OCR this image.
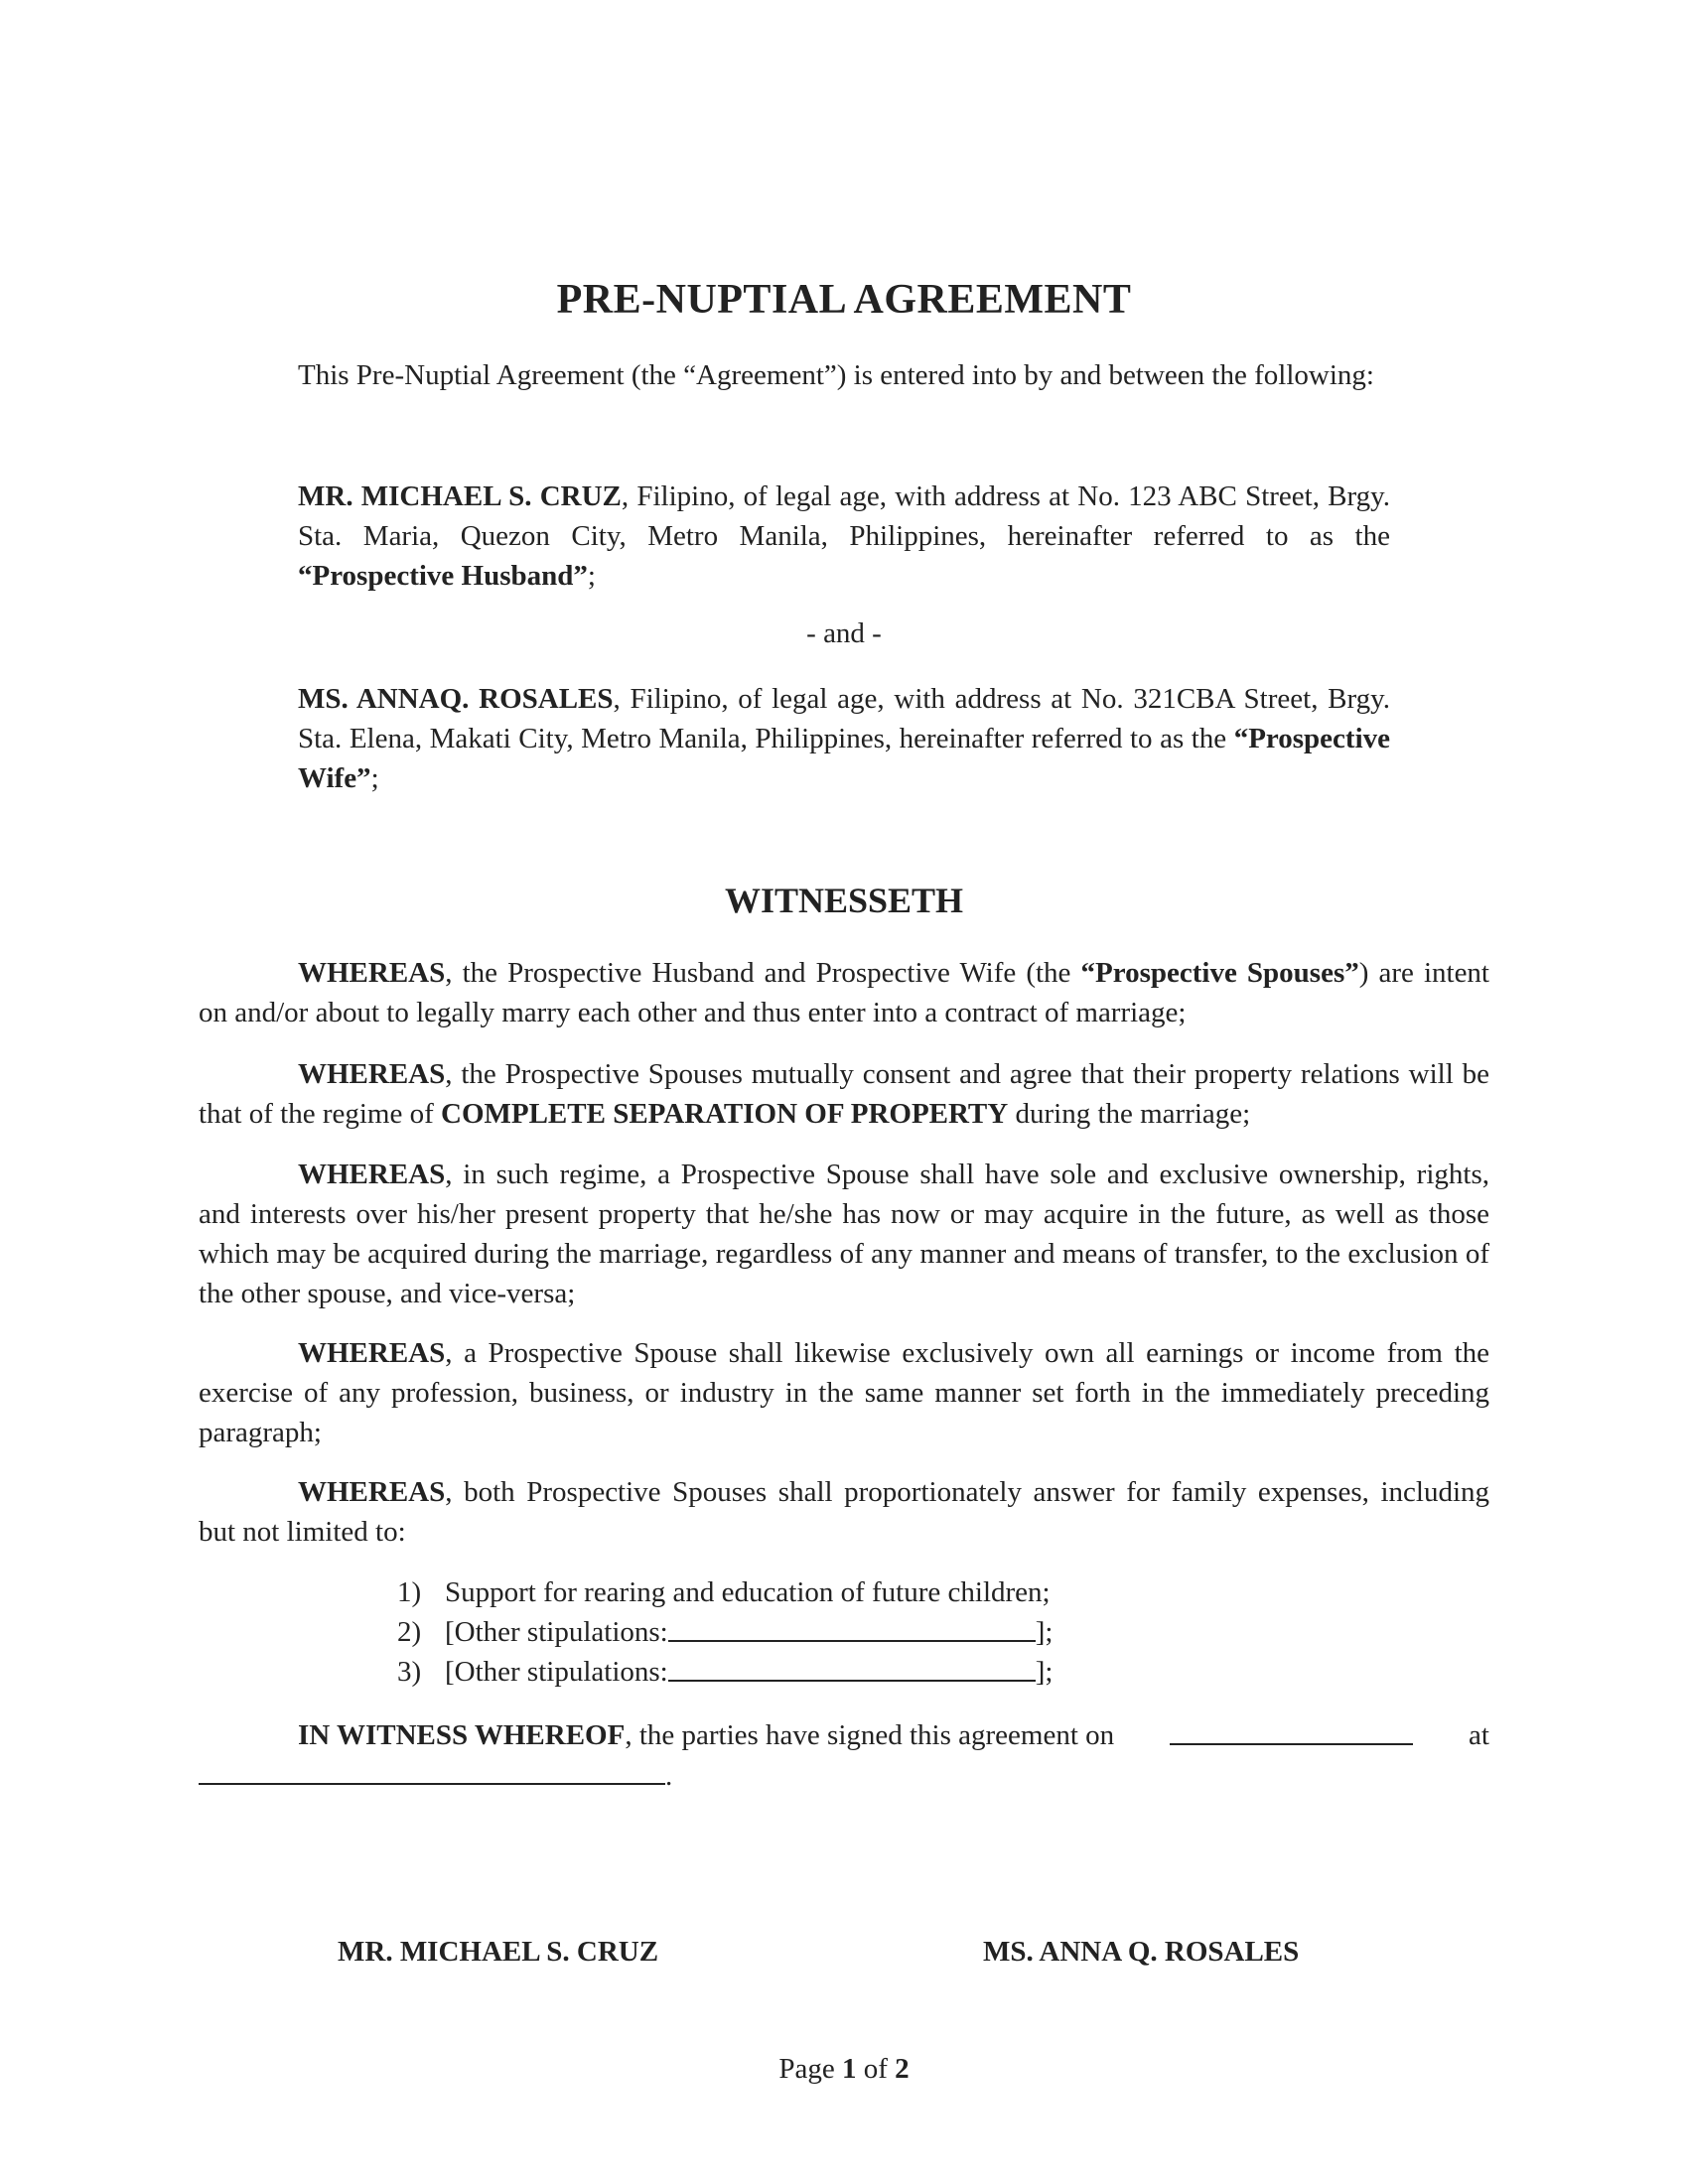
PRE-NUPTIAL AGREEMENT
This Pre-Nuptial Agreement (the “Agreement”) is entered into by and between the following:
MR. MICHAEL S. CRUZ, Filipino, of legal age, with address at No. 123 ABC Street, Brgy. Sta. Maria, Quezon City, Metro Manila, Philippines, hereinafter referred to as the “Prospective Husband”;
- and -
MS. ANNAQ. ROSALES, Filipino, of legal age, with address at No. 321CBA Street, Brgy. Sta. Elena, Makati City, Metro Manila, Philippines, hereinafter referred to as the “Prospective Wife”;
WITNESSETH

WHEREAS, the Prospective Husband and Prospective Wife (the “Prospective Spouses”) are intent on and/or about to legally marry each other and thus enter into a contract of marriage;

WHEREAS, the Prospective Spouses mutually consent and agree that their property relations will be that of the regime of COMPLETE SEPARATION OF PROPERTY during the marriage;

WHEREAS, in such regime, a Prospective Spouse shall have sole and exclusive ownership, rights, and interests over his/her present property that he/she has now or may acquire in the future, as well as those which may be acquired during the marriage, regardless of any manner and means of transfer, to the exclusion of the other spouse, and vice-versa;

WHEREAS, a Prospective Spouse shall likewise exclusively own all earnings or income from the exercise of any profession, business, or industry in the same manner set forth in the immediately preceding paragraph;

WHEREAS, both Prospective Spouses shall proportionately answer for family expenses, including but not limited to:

1) Support for rearing and education of future children;
2) [Other stipulations:	];
3) [Other stipulations:	];
IN WITNESS WHEREOF, the parties have signed this agreement on	at
.
MR. MICHAEL S. CRUZ	MS. ANNA Q. ROSALES
Page 1 of 2
